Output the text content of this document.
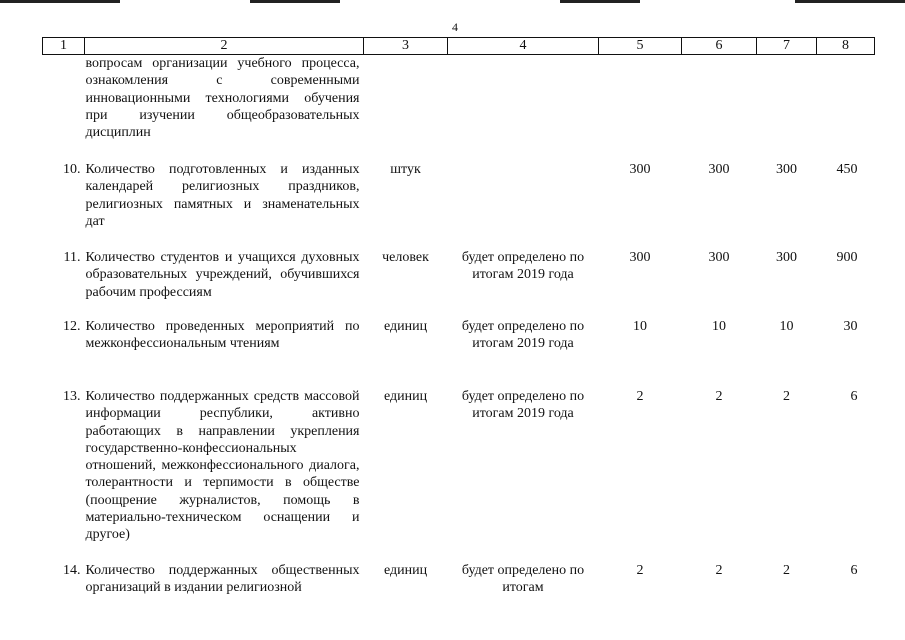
4
1	2	3	4	5	6	7	8
	вопросам организации учебного процесса, ознакомления с современными инновационными технологиями обучения при изучении общеобразовательных дисциплин						
10.	Количество подготовленных и изданных календарей религиозных праздников, религиозных памятных и знаменательных дат	штук		300	300	300	450
11.	Количество студентов и учащихся духовных образовательных учреждений, обучившихся рабочим профессиям	человек	будет определено по итогам 2019 года	300	300	300	900
12.	Количество проведенных мероприятий по межконфессиональным чтениям	единиц	будет определено по итогам 2019 года	10	10	10	30
13.	Количество поддержанных средств массовой информации республики, активно работающих в направлении укрепления государственно-конфессиональных отношений, межконфессионального диалога, толерантности и терпимости в обществе (поощрение журналистов, помощь в материально-техническом оснащении и другое)	единиц	будет определено по итогам 2019 года	2	2	2	6
14.	Количество поддержанных общественных организаций в издании религиозной	единиц	будет определено по итогам	2	2	2	6
